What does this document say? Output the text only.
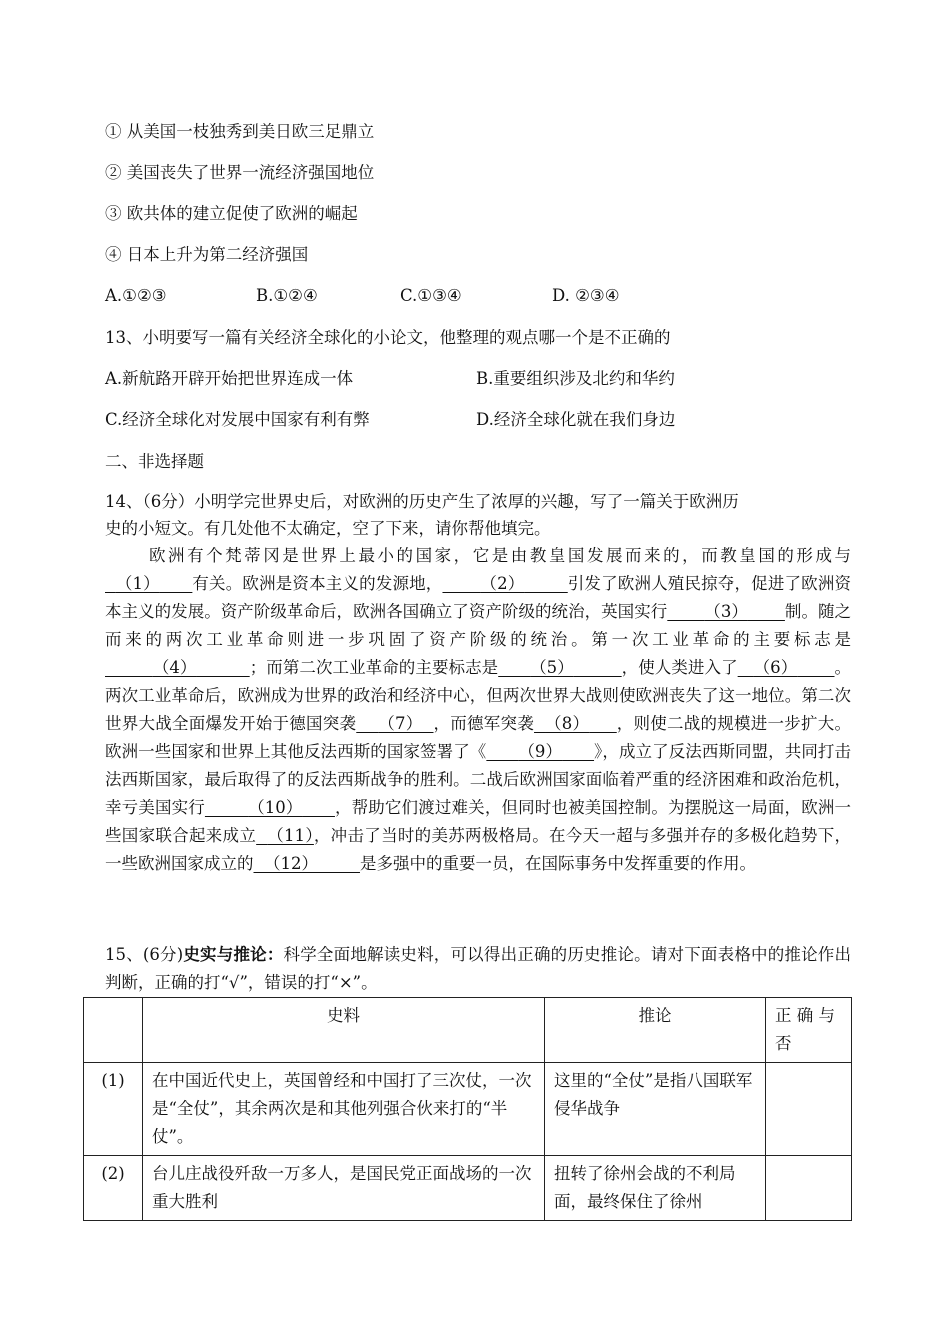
① 从美国一枝独秀到美日欧三足鼎立
② 美国丧失了世界一流经济强国地位
③ 欧共体的建立促使了欧洲的崛起
④ 日本上升为第二经济强国
A.①②③	B.①②④	C.①③④	D. ②③④
13、小明要写一篇有关经济全球化的小论文，他整理的观点哪一个是不正确的
A.新航路开辟开始把世界连成一体	B.重要组织涉及北约和华约
C.经济全球化对发展中国家有利有弊	D.经济全球化就在我们身边
二、非选择题
14、（6分）小明学完世界史后，对欧洲的历史产生了浓厚的兴趣，写了一篇关于欧洲历
史的小短文。有几处他不太确定，空了下来，请你帮他填完。
欧洲有个梵蒂冈是世界上最小的国家，它是由教皇国发展而来的，而教皇国的形成与  （1） 有关。欧洲是资本主义的发源地， （2）	引发了欧洲人殖民掠夺，促进了欧洲资本主义的发展。资产阶级革命后，欧洲各国确立了资产阶级的统治，英国实行 （3） 制。随之而来的两次工业革命则进一步巩固了资产阶级的统治。第一次工业革命的主要标志是         （4）	；而第二次工业革命的主要标志是 （5）	，使人类进入了 （6） 。两次工业革命后，欧洲成为世界的政治和经济中心，但两次世界大战则使欧洲丧失了这一地位。第二次世界大战全面爆发开始于德国突袭 （7） ，而德军突袭 （8） ，则使二战的规模进一步扩大。欧洲一些国家和世界上其他反法西斯的国家签署了《 （9） 》，成立了反法西斯同盟，共同打击法西斯国家，最后取得了的反法西斯战争的胜利。二战后欧洲国家面临着严重的经济困难和政治危机，幸亏美国实行	（10） ，帮助它们渡过难关，但同时也被美国控制。为摆脱这一局面，欧洲一些国家联合起来成立 （11），冲击了当时的美苏两极格局。在今天一超与多强并存的多极化趋势下，一些欧洲国家成立的 （12）	是多强中的重要一员，在国际事务中发挥重要的作用。
15、(6分)史实与推论：科学全面地解读史料，可以得出正确的历史推论。请对下面表格中的推论作出判断，正确的打“√”，错误的打“×”。
	史料	推论	正 确 与 否
(1)	在中国近代史上，英国曾经和中国打了三次仗，一次是“全仗”，其余两次是和其他列强合伙来打的“半仗”。	这里的“全仗”是指八国联军侵华战争	
(2)	台儿庄战役歼敌一万多人，是国民党正面战场的一次重大胜利	扭转了徐州会战的不利局面，最终保住了徐州	
